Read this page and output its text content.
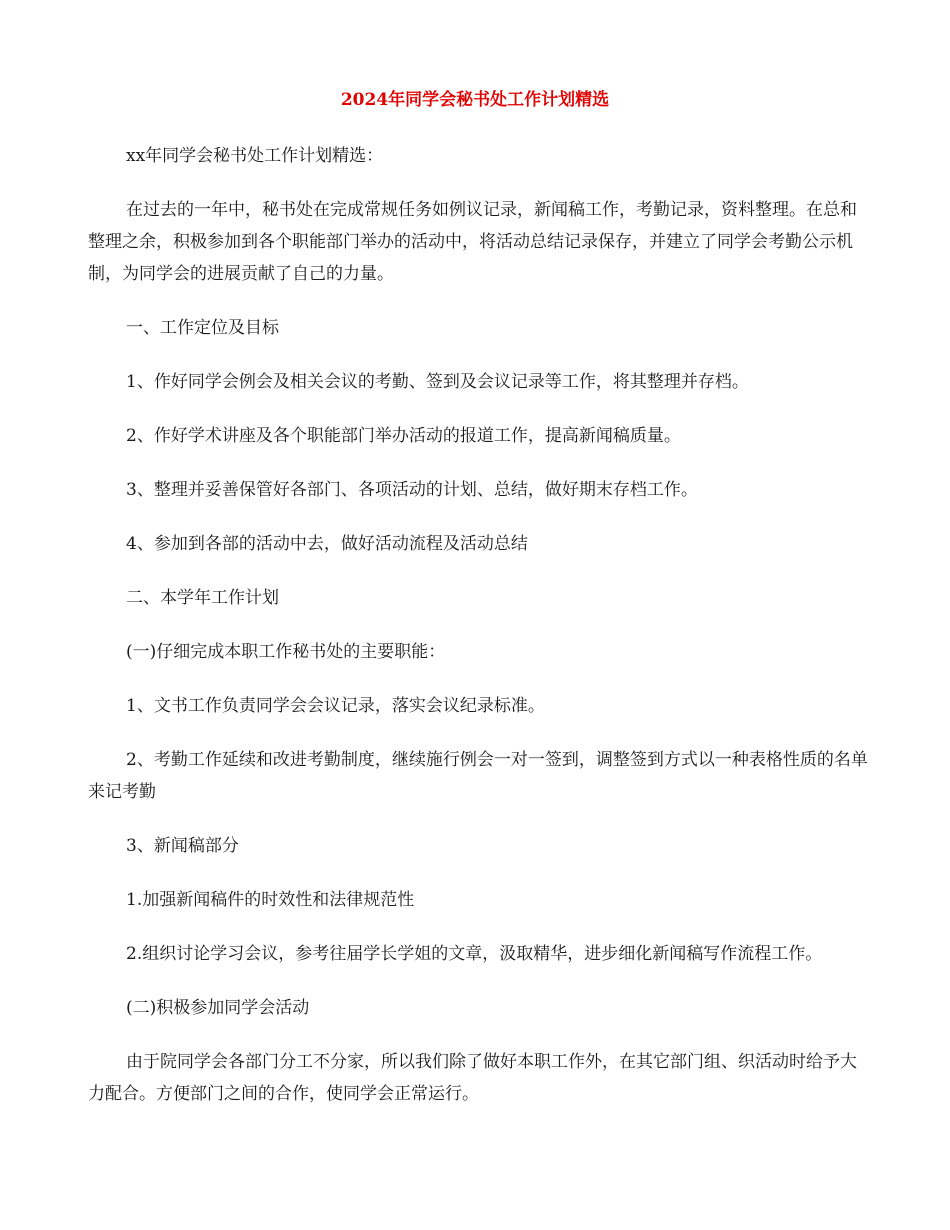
2024年同学会秘书处工作计划精选

xx年同学会秘书处工作计划精选：

在过去的一年中，秘书处在完成常规任务如例议记录，新闻稿工作，考勤记录，资料整理。在总和整理之余，积极参加到各个职能部门举办的活动中，将活动总结记录保存，并建立了同学会考勤公示机制，为同学会的进展贡献了自己的力量。

一、工作定位及目标

1、作好同学会例会及相关会议的考勤、签到及会议记录等工作，将其整理并存档。

2、作好学术讲座及各个职能部门举办活动的报道工作，提高新闻稿质量。

3、整理并妥善保管好各部门、各项活动的计划、总结，做好期末存档工作。

4、参加到各部的活动中去，做好活动流程及活动总结

二、本学年工作计划

(一)仔细完成本职工作秘书处的主要职能：

1、文书工作负责同学会会议记录，落实会议纪录标准。

2、考勤工作延续和改进考勤制度，继续施行例会一对一签到，调整签到方式以一种表格性质的名单来记考勤

3、新闻稿部分

1.加强新闻稿件的时效性和法律规范性

2.组织讨论学习会议，参考往届学长学姐的文章，汲取精华，进步细化新闻稿写作流程工作。

(二)积极参加同学会活动

由于院同学会各部门分工不分家，所以我们除了做好本职工作外，在其它部门组、织活动时给予大力配合。方便部门之间的合作，使同学会正常运行。
